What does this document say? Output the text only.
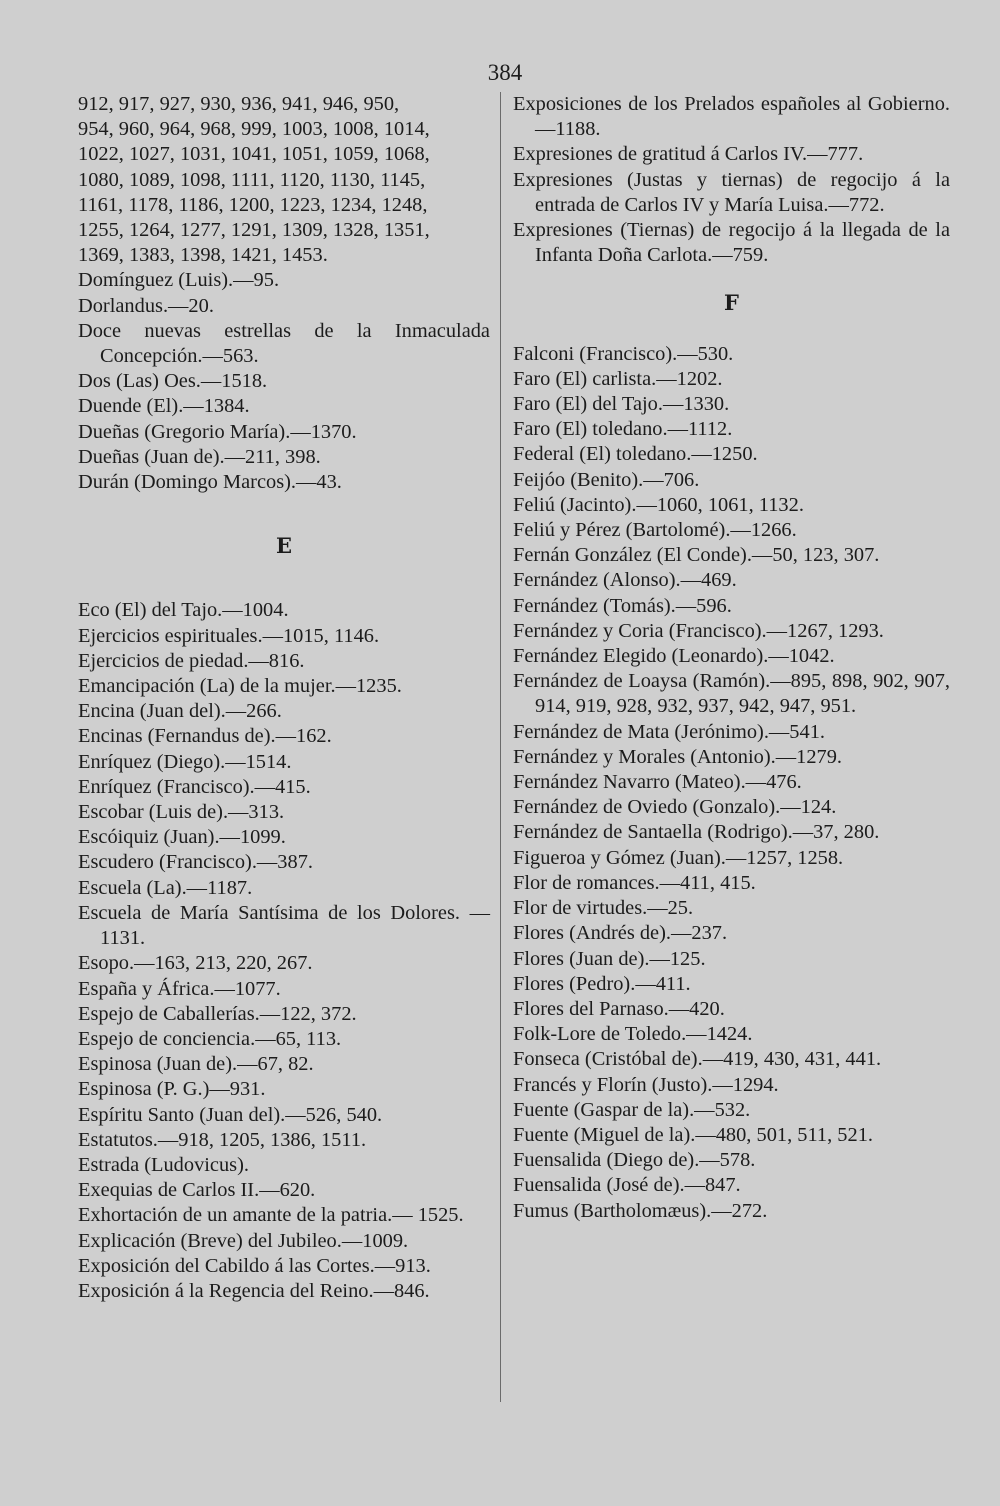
384
912, 917, 927, 930, 936, 941, 946, 950,
954, 960, 964, 968, 999, 1003, 1008, 1014,
1022, 1027, 1031, 1041, 1051, 1059, 1068,
1080, 1089, 1098, 1111, 1120, 1130, 1145,
1161, 1178, 1186, 1200, 1223, 1234, 1248,
1255, 1264, 1277, 1291, 1309, 1328, 1351,
1369, 1383, 1398, 1421, 1453.
Domínguez (Luis).—95.
Dorlandus.—20.
Doce nuevas estrellas de la Inmaculada Concepción.—563.
Dos (Las) Oes.—1518.
Duende (El).—1384.
Dueñas (Gregorio María).—1370.
Dueñas (Juan de).—211, 398.
Durán (Domingo Marcos).—43.
E
Eco (El) del Tajo.—1004.
Ejercicios espirituales.—1015, 1146.
Ejercicios de piedad.—816.
Emancipación (La) de la mujer.—1235.
Encina (Juan del).—266.
Encinas (Fernandus de).—162.
Enríquez (Diego).—1514.
Enríquez (Francisco).—415.
Escobar (Luis de).—313.
Escóiquiz (Juan).—1099.
Escudero (Francisco).—387.
Escuela (La).—1187.
Escuela de María Santísima de los Dolores. —1131.
Esopo.—163, 213, 220, 267.
España y África.—1077.
Espejo de Caballerías.—122, 372.
Espejo de conciencia.—65, 113.
Espinosa (Juan de).—67, 82.
Espinosa (P. G.)—931.
Espíritu Santo (Juan del).—526, 540.
Estatutos.—918, 1205, 1386, 1511.
Estrada (Ludovicus).
Exequias de Carlos II.—620.
Exhortación de un amante de la patria.— 1525.
Explicación (Breve) del Jubileo.—1009.
Exposición del Cabildo á las Cortes.—913.
Exposición á la Regencia del Reino.—846.
Exposiciones de los Prelados españoles al Gobierno.—1188.
Expresiones de gratitud á Carlos IV.—777.
Expresiones (Justas y tiernas) de regocijo á la entrada de Carlos IV y María Luisa.—772.
Expresiones (Tiernas) de regocijo á la llegada de la Infanta Doña Carlota.—759.
F
Falconi (Francisco).—530.
Faro (El) carlista.—1202.
Faro (El) del Tajo.—1330.
Faro (El) toledano.—1112.
Federal (El) toledano.—1250.
Feijóo (Benito).—706.
Feliú (Jacinto).—1060, 1061, 1132.
Feliú y Pérez (Bartolomé).—1266.
Fernán González (El Conde).—50, 123, 307.
Fernández (Alonso).—469.
Fernández (Tomás).—596.
Fernández y Coria (Francisco).—1267, 1293.
Fernández Elegido (Leonardo).—1042.
Fernández de Loaysa (Ramón).—895, 898, 902, 907, 914, 919, 928, 932, 937, 942, 947, 951.
Fernández de Mata (Jerónimo).—541.
Fernández y Morales (Antonio).—1279.
Fernández Navarro (Mateo).—476.
Fernández de Oviedo (Gonzalo).—124.
Fernández de Santaella (Rodrigo).—37, 280.
Figueroa y Gómez (Juan).—1257, 1258.
Flor de romances.—411, 415.
Flor de virtudes.—25.
Flores (Andrés de).—237.
Flores (Juan de).—125.
Flores (Pedro).—411.
Flores del Parnaso.—420.
Folk-Lore de Toledo.—1424.
Fonseca (Cristóbal de).—419, 430, 431, 441.
Francés y Florín (Justo).—1294.
Fuente (Gaspar de la).—532.
Fuente (Miguel de la).—480, 501, 511, 521.
Fuensalida (Diego de).—578.
Fuensalida (José de).—847.
Fumus (Bartholomæus).—272.
